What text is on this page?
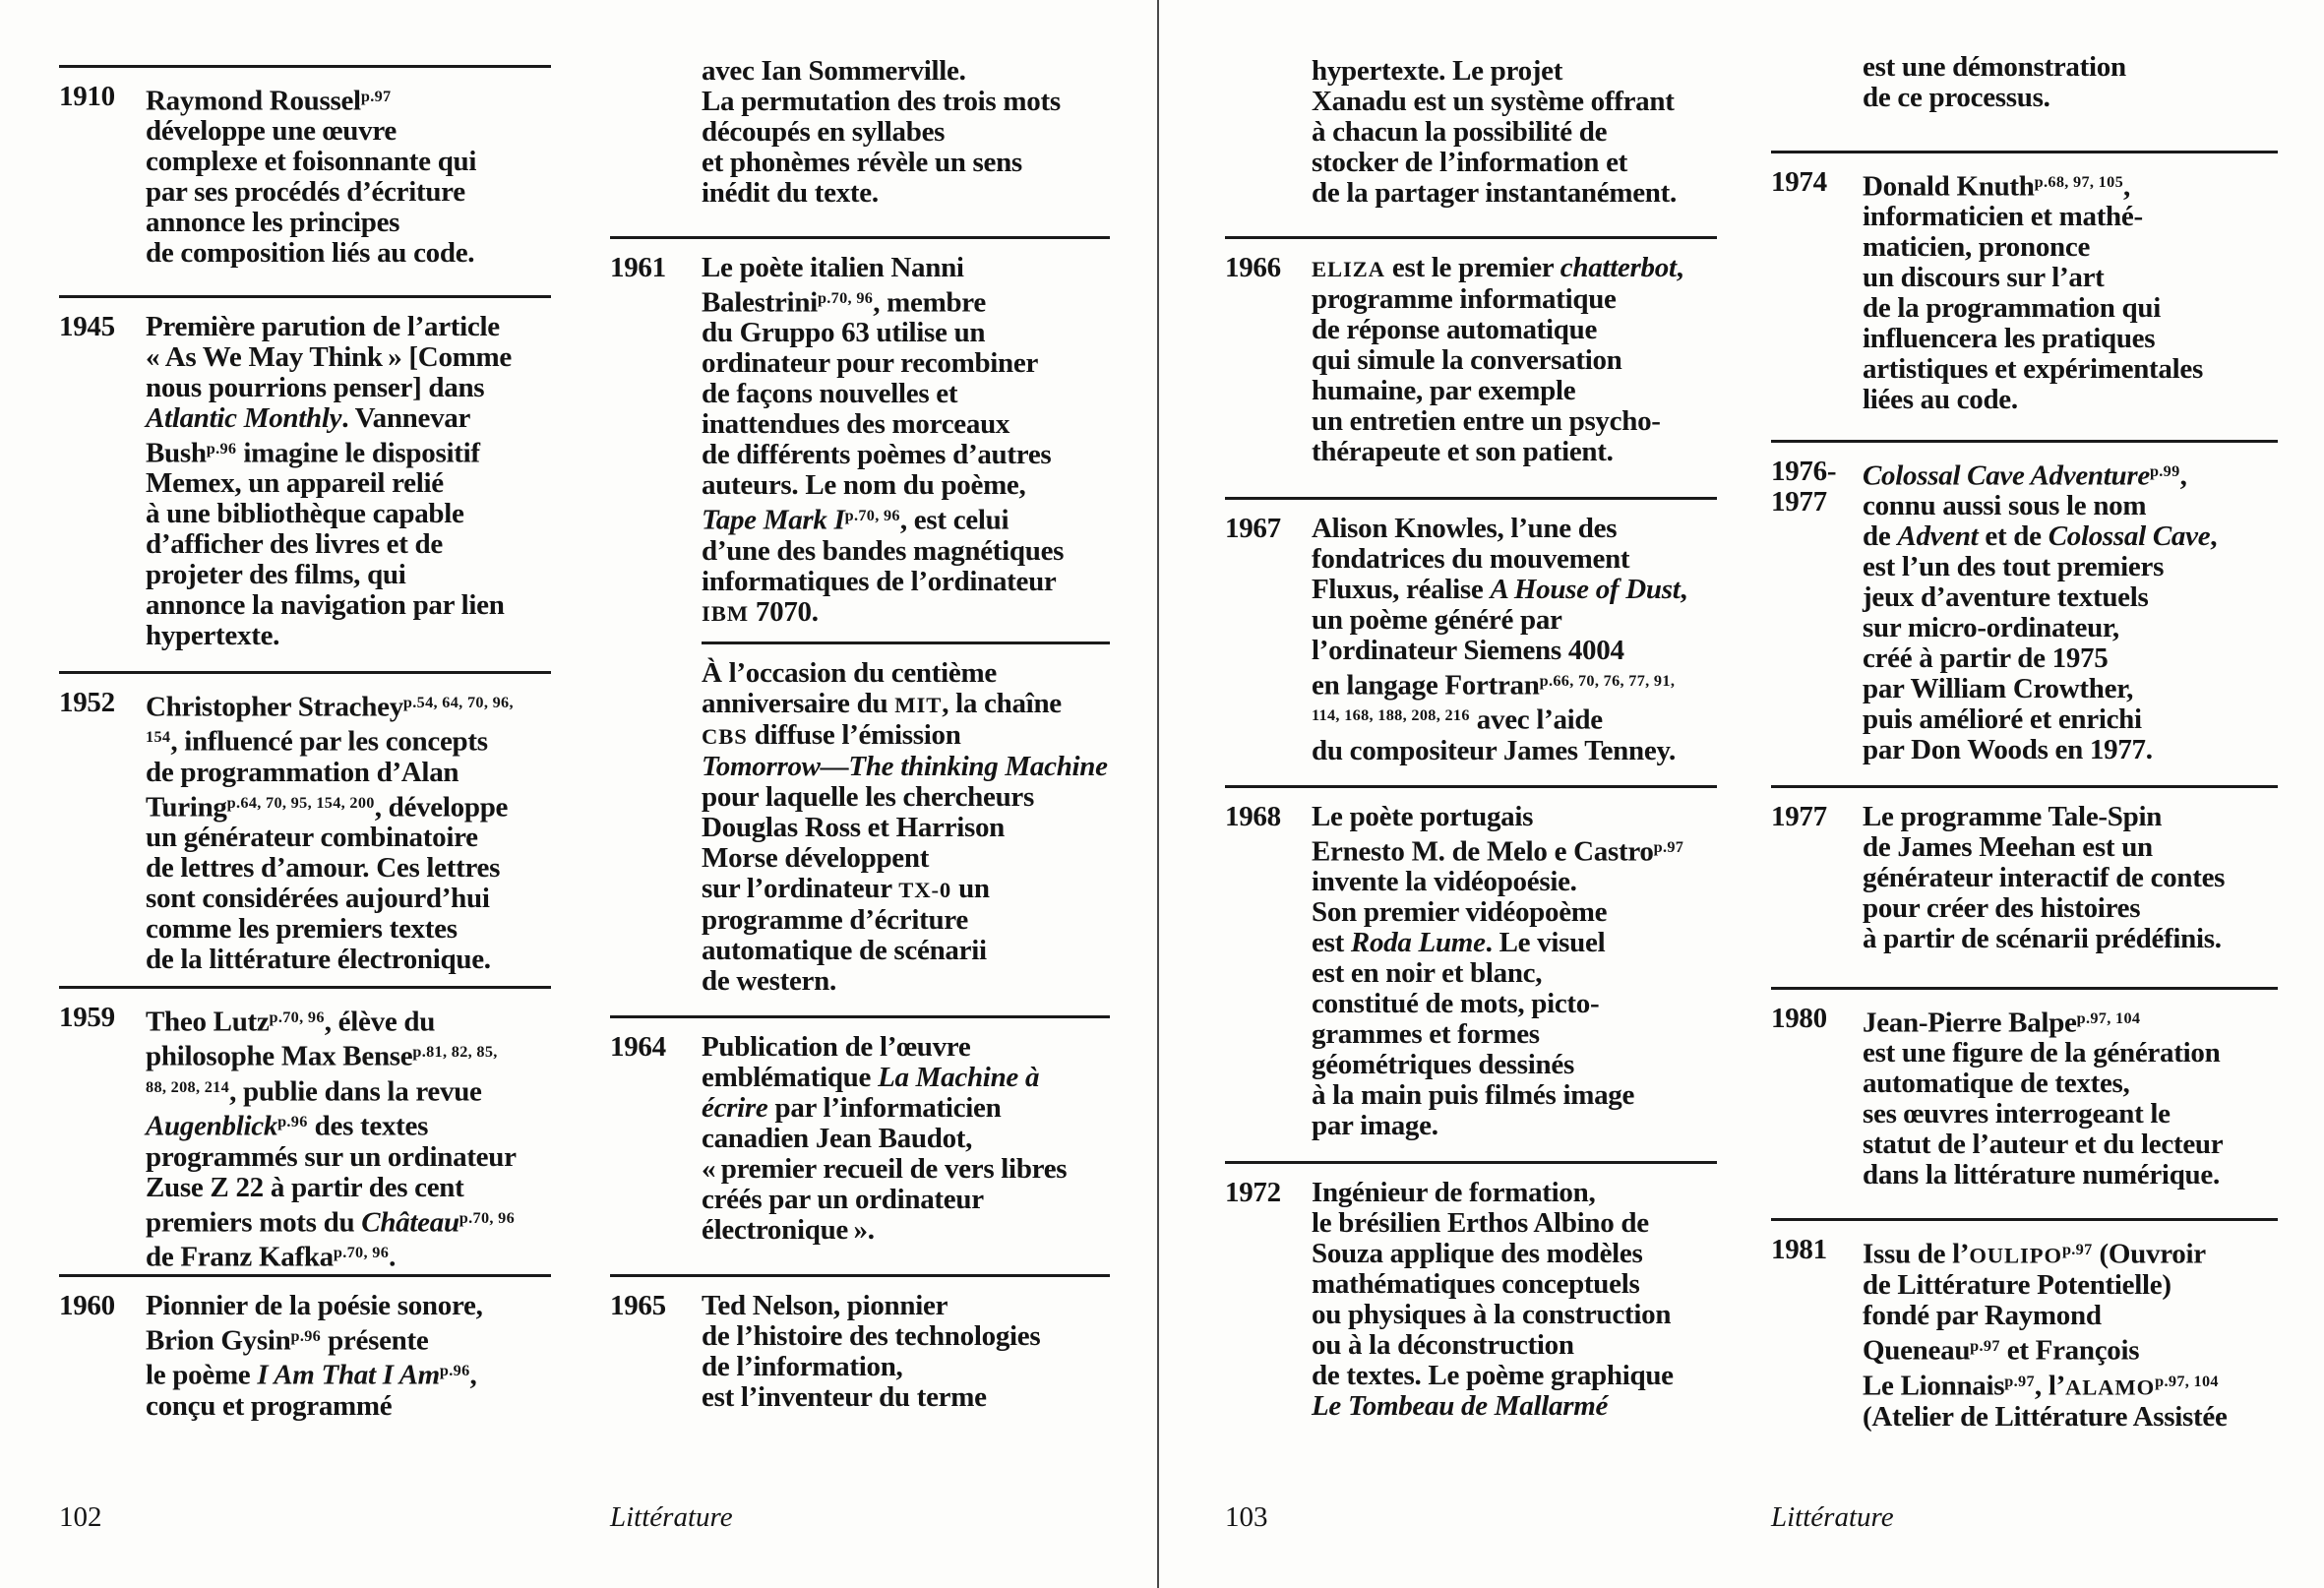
1910 Raymond Roussel$^{p.97}$
développe une œuvre
complexe et foisonnante qui
par ses procédés d’écriture
annonce les principes
de composition liés au code.
1945 Première parution de l’article
« As We May Think » [Comme
nous pourrions penser] dans
Atlantic Monthly. Vannevar
Bush$^{p.96}$ imagine le dispositif
Memex, un appareil relié
à une bibliothèque capable
d’afficher des livres et de
projeter des films, qui
annonce la navigation par lien
hypertexte.
1952 Christopher Strachey$^{p.54, 64, 70, 96,}$
$^{154}$, influencé par les concepts
de programmation d’Alan
Turing$^{p.64, 70, 95, 154, 200}$, développe
un générateur combinatoire
de lettres d’amour. Ces lettres
sont considérées aujourd’hui
comme les premiers textes
de la littérature électronique.
1959 Theo Lutz$^{p.70, 96}$, élève du
philosophe Max Bense$^{p.81, 82, 85,}$
$^{88, 208, 214}$, publie dans la revue
Augenblick$^{p.96}$ des textes
programmés sur un ordinateur
Zuse Z 22 à partir des cent
premiers mots du Château$^{p.70, 96}$
de Franz Kafka$^{p.70, 96}$.
1960 Pionnier de la poésie sonore,
Brion Gysin$^{p.96}$ présente
le poème I Am That I $Am^{p.96}$,
conçu et programmé
avec Ian Sommerville.
La permutation des trois mots
découpés en syllabes
et phonèmes révèle un sens
inédit du texte.
1961 Le poète italien Nanni
Balestrini$^{p.70, 96}$, membre
du Gruppo 63 utilise un
ordinateur pour recombiner
de façons nouvelles et
inattendues des morceaux
de différents poèmes d’autres
auteurs. Le nom du poème,
Tape Mark $I^{p.70, 96}$, est celui
d’une des bandes magnétiques
informatiques de l’ordinateur
IBM 7070.
À l’occasion du centième
anniversaire du MIT, la chaîne
CBS diffuse l’émission
Tomorrow—The thinking Machine
pour laquelle les chercheurs
Douglas Ross et Harrison
Morse développent
sur l’ordinateur TX-0 un
programme d’écriture
automatique de scénarii
de western.
1964 Publication de l’œuvre
emblématique La Machine à
écrire par l’informaticien
canadien Jean Baudot,
« premier recueil de vers libres
créés par un ordinateur
électronique ».
1965 Ted Nelson, pionnier
de l’histoire des technologies
de l’information,
est l’inventeur du terme
hypertexte. Le projet
Xanadu est un système offrant
à chacun la possibilité de
stocker de l’information et
de la partager instantanément.
1966 ELIZA est le premier chatterbot,
programme informatique
de réponse automatique
qui simule la conversation
humaine, par exemple
un entretien entre un psycho-
thérapeute et son patient.
1967 Alison Knowles, l’une des
fondatrices du mouvement
Fluxus, réalise A House of Dust,
un poème généré par
l’ordinateur Siemens 4004
en langage Fortran$^{p.66, 70, 76, 77, 91,}$
$^{114, 168, 188, 208, 216}$ avec l’aide
du compositeur James Tenney.
1968 Le poète portugais
Ernesto M. de Melo e Castro$^{p.97}$
invente la vidéopoésie.
Son premier vidéopoème
est Roda Lume. Le visuel
est en noir et blanc,
constitué de mots, picto-
grammes et formes
géométriques dessinés
à la main puis filmés image
par image.
1972 Ingénieur de formation,
le brésilien Erthos Albino de
Souza applique des modèles
mathématiques conceptuels
ou physiques à la construction
ou à la déconstruction
de textes. Le poème graphique
Le Tombeau de Mallarmé
est une démonstration
de ce processus.
1974 Donald Knuth$^{p.68, 97, 105}$,
informaticien et mathé-
maticien, prononce
un discours sur l’art
de la programmation qui
influencera les pratiques
artistiques et expérimentales
liées au code.
1976-
1977
Colossal Cave Adventure$^{p.99}$,
connu aussi sous le nom
de Advent et de Colossal Cave,
est l’un des tout premiers
jeux d’aventure textuels
sur micro-ordinateur,
créé à partir de 1975
par William Crowther,
puis amélioré et enrichi
par Don Woods en 1977.
1977 Le programme Tale-Spin
de James Meehan est un
générateur interactif de contes
pour créer des histoires
à partir de scénarii prédéfinis.
1980 Jean-Pierre Balpe$^{p.97, 104}$
est une figure de la génération
automatique de textes,
ses œuvres interrogeant le
statut de l’auteur et du lecteur
dans la littérature numérique.
1981 Issu de $l’OULIPO^{p.97}$ (Ouvroir
de Littérature Potentielle)
fondé par Raymond
Queneau$^{p.97}$ et François
Le Lionnais$^{p.97}$, $l’ALAMO^{p.97, 104}$
(Atelier de Littérature Assistée
102	Littérature	103	Littérature
